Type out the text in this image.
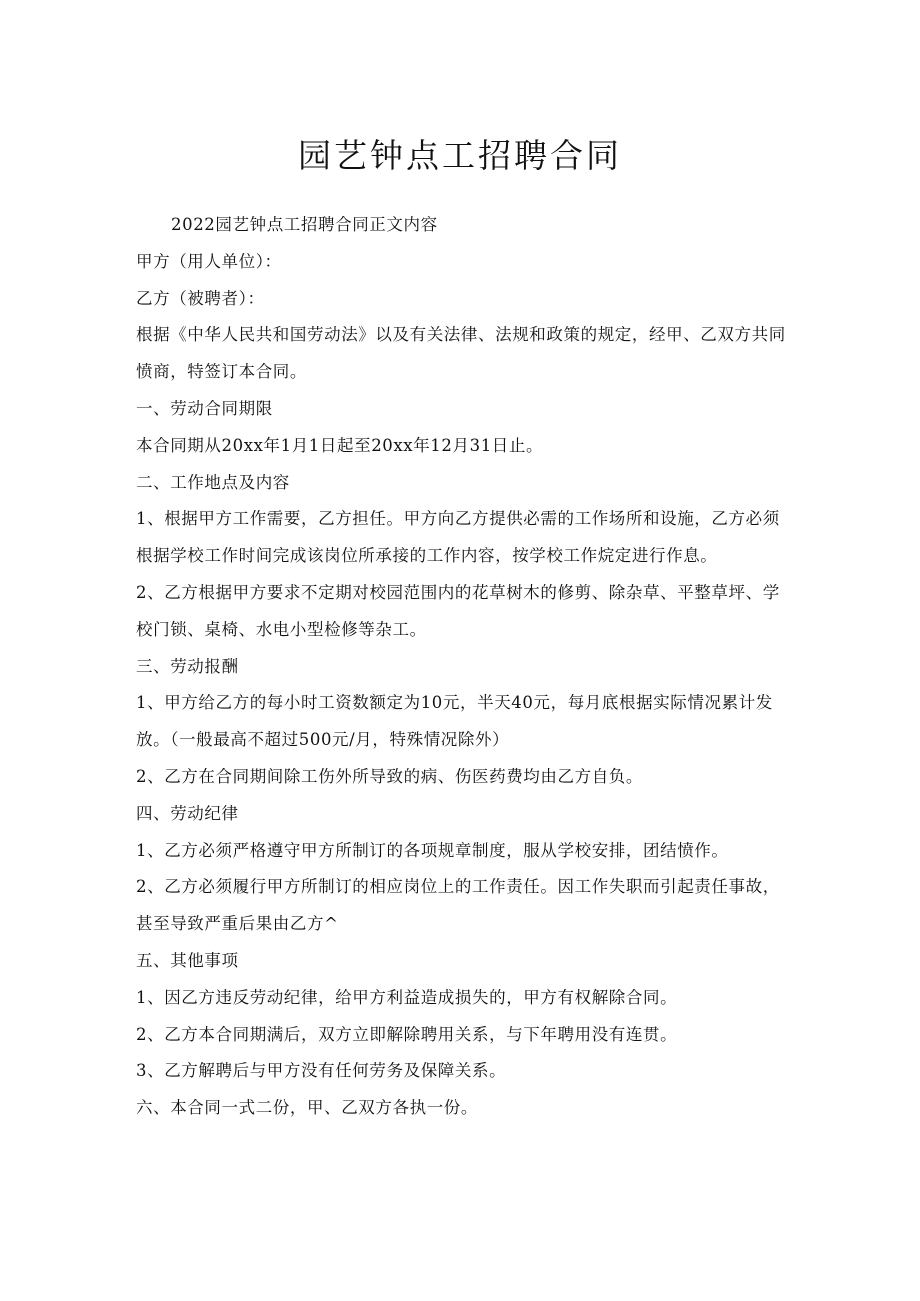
园艺钟点工招聘合同

2022园艺钟点工招聘合同正文内容

甲方（用人单位）：

乙方（被聘者）：

根据《中华人民共和国劳动法》以及有关法律、法规和政策的规定，经甲、乙双方共同愤商，特签订本合同。

一、劳动合同期限

本合同期从20xx年1月1日起至20xx年12月31日止。

二、工作地点及内容

1、根据甲方工作需要，乙方担任。甲方向乙方提供必需的工作场所和设施，乙方必须根据学校工作时间完成该岗位所承接的工作内容，按学校工作烷定进行作息。

2、乙方根据甲方要求不定期对校园范围内的花草树木的修剪、除杂草、平整草坪、学校门锁、桌椅、水电小型检修等杂工。

三、劳动报酬

1、甲方给乙方的每小时工资数额定为10元，半天40元，每月底根据实际情况累计发放。（一般最高不超过500元/月，特殊情况除外）

2、乙方在合同期间除工伤外所导致的病、伤医药费均由乙方自负。

四、劳动纪律

1、乙方必须严格遵守甲方所制订的各项规章制度，服从学校安排，团结愤作。

2、乙方必须履行甲方所制订的相应岗位上的工作责任。因工作失职而引起责任事故，甚至导致严重后果由乙方^

五、其他事项

1、因乙方违反劳动纪律，给甲方利益造成损失的，甲方有权解除合同。

2、乙方本合同期满后，双方立即解除聘用关系，与下年聘用没有连贯。

3、乙方解聘后与甲方没有任何劳务及保障关系。

六、本合同一式二份，甲、乙双方各执一份。
